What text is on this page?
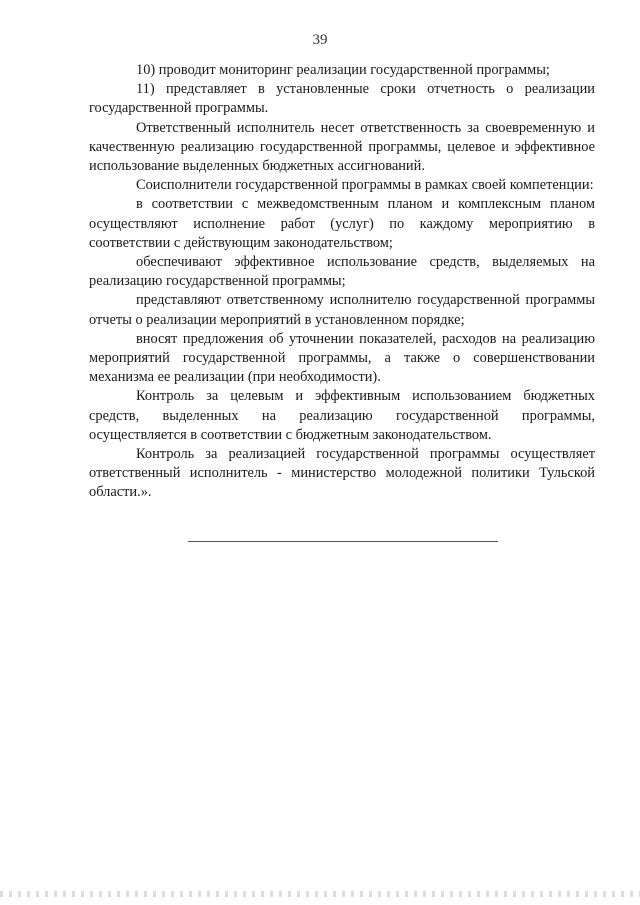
39

10) проводит мониторинг реализации государственной программы;

11) представляет в установленные сроки отчетность о реализации государственной программы.

Ответственный исполнитель несет ответственность за своевременную и качественную реализацию государственной программы, целевое и эффективное использование выделенных бюджетных ассигнований.

Соисполнители государственной программы в рамках своей компетенции:

в соответствии с межведомственным планом и комплексным планом осуществляют исполнение работ (услуг) по каждому мероприятию в соответствии с действующим законодательством;

обеспечивают эффективное использование средств, выделяемых на реализацию государственной программы;

представляют ответственному исполнителю государственной программы отчеты о реализации мероприятий в установленном порядке;

вносят предложения об уточнении показателей, расходов на реализацию мероприятий государственной программы, а также о совершенствовании механизма ее реализации (при необходимости).

Контроль за целевым и эффективным использованием бюджетных средств, выделенных на реализацию государственной программы, осуществляется в соответствии с бюджетным законодательством.

Контроль за реализацией государственной программы осуществляет ответственный исполнитель - министерство молодежной политики Тульской области.».
